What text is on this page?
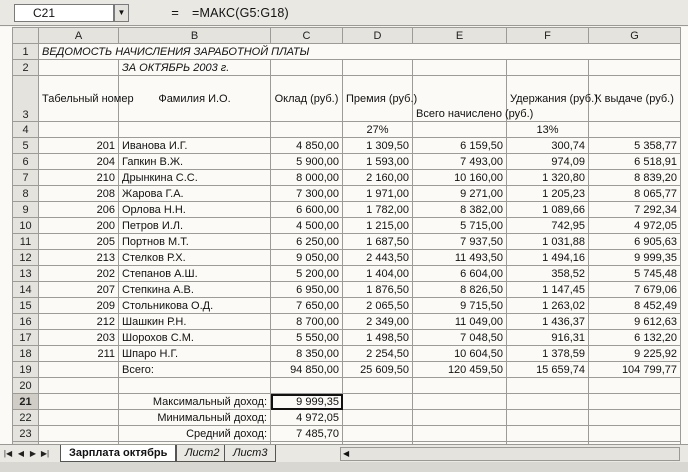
C21	▼	=	=МАКС(G5:G18)
	A	B	C	D	E	F	G
1	ВЕДОМОСТЬ НАЧИСЛЕНИЯ ЗАРАБОТНОЙ ПЛАТЫ						
2		ЗА ОКТЯБРЬ 2003 г.					
3	Табельный номер	Фамилия И.О.	Оклад (руб.)	Премия (руб.)	Всего начислено (руб.)	Удержания (руб.)	К выдаче (руб.)
4				27%		13%	
5	201	Иванова И.Г.	4 850,00	1 309,50	6 159,50	300,74	5 358,77
6	204	Гапкин В.Ж.	5 900,00	1 593,00	7 493,00	974,09	6 518,91
7	210	Дрынкина С.С.	8 000,00	2 160,00	10 160,00	1 320,80	8 839,20
8	208	Жарова Г.А.	7 300,00	1 971,00	9 271,00	1 205,23	8 065,77
9	206	Орлова Н.Н.	6 600,00	1 782,00	8 382,00	1 089,66	7 292,34
10	200	Петров И.Л.	4 500,00	1 215,00	5 715,00	742,95	4 972,05
11	205	Портнов М.Т.	6 250,00	1 687,50	7 937,50	1 031,88	6 905,63
12	213	Стелков Р.Х.	9 050,00	2 443,50	11 493,50	1 494,16	9 999,35
13	202	Степанов А.Ш.	5 200,00	1 404,00	6 604,00	358,52	5 745,48
14	207	Степкина А.В.	6 950,00	1 876,50	8 826,50	1 147,45	7 679,06
15	209	Стольникова О.Д.	7 650,00	2 065,50	9 715,50	1 263,02	8 452,49
16	212	Шашкин Р.Н.	8 700,00	2 349,00	11 049,00	1 436,37	9 612,63
17	203	Шорохов С.М.	5 550,00	1 498,50	7 048,50	916,31	6 132,20
18	211	Шпаро Н.Г.	8 350,00	2 254,50	10 604,50	1 378,59	9 225,92
19		Всего:	94 850,00	25 609,50	120 459,50	15 659,74	104 799,77
20							
21		Максимальный доход:	9 999,35				
22		Минимальный доход:	4 972,05				
23		Средний доход:	7 485,70				

|◀ ◀ ▶ ▶|	Зарплата октябрь	Лист2	Лист3	◀
